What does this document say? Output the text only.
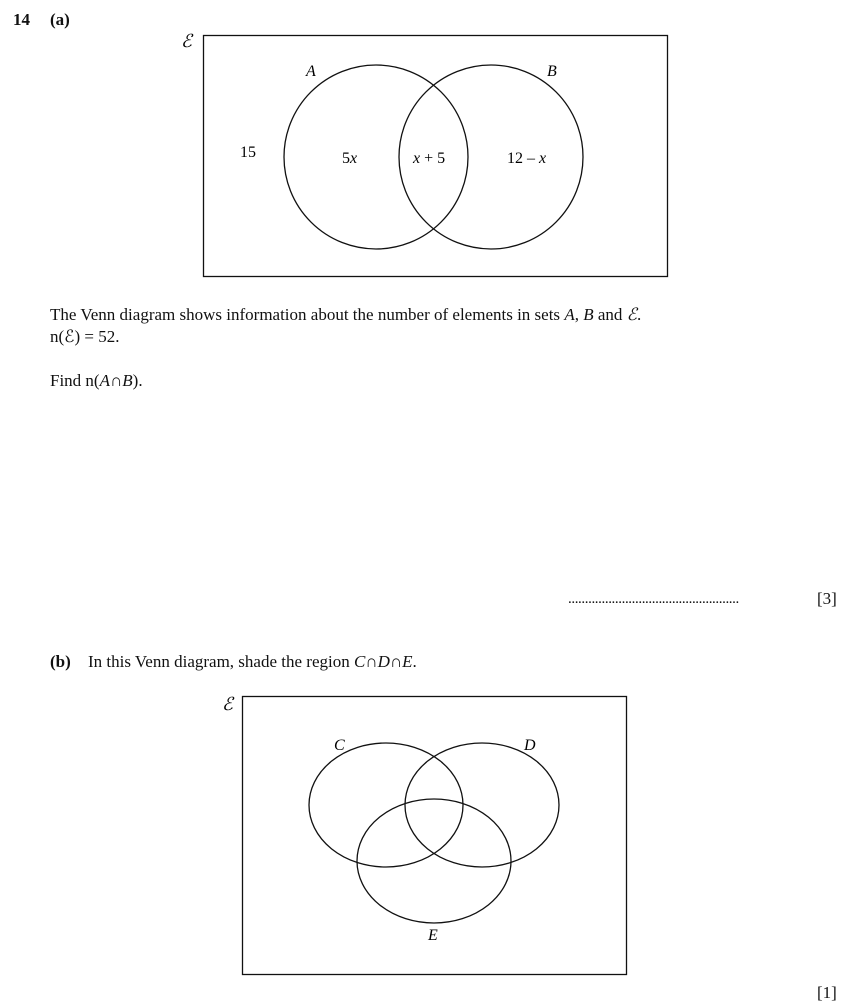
14 (a)
ℰ
A	B
15	5x	x + 5	12 – x
The Venn diagram shows information about the number of elements in sets A, B and ℰ.
n(ℰ) = 52.
Find n(A∩B).
...................................................	[3]
(b) In this Venn diagram, shade the region C∩D∩E.
ℰ
C	D
E
[1]
